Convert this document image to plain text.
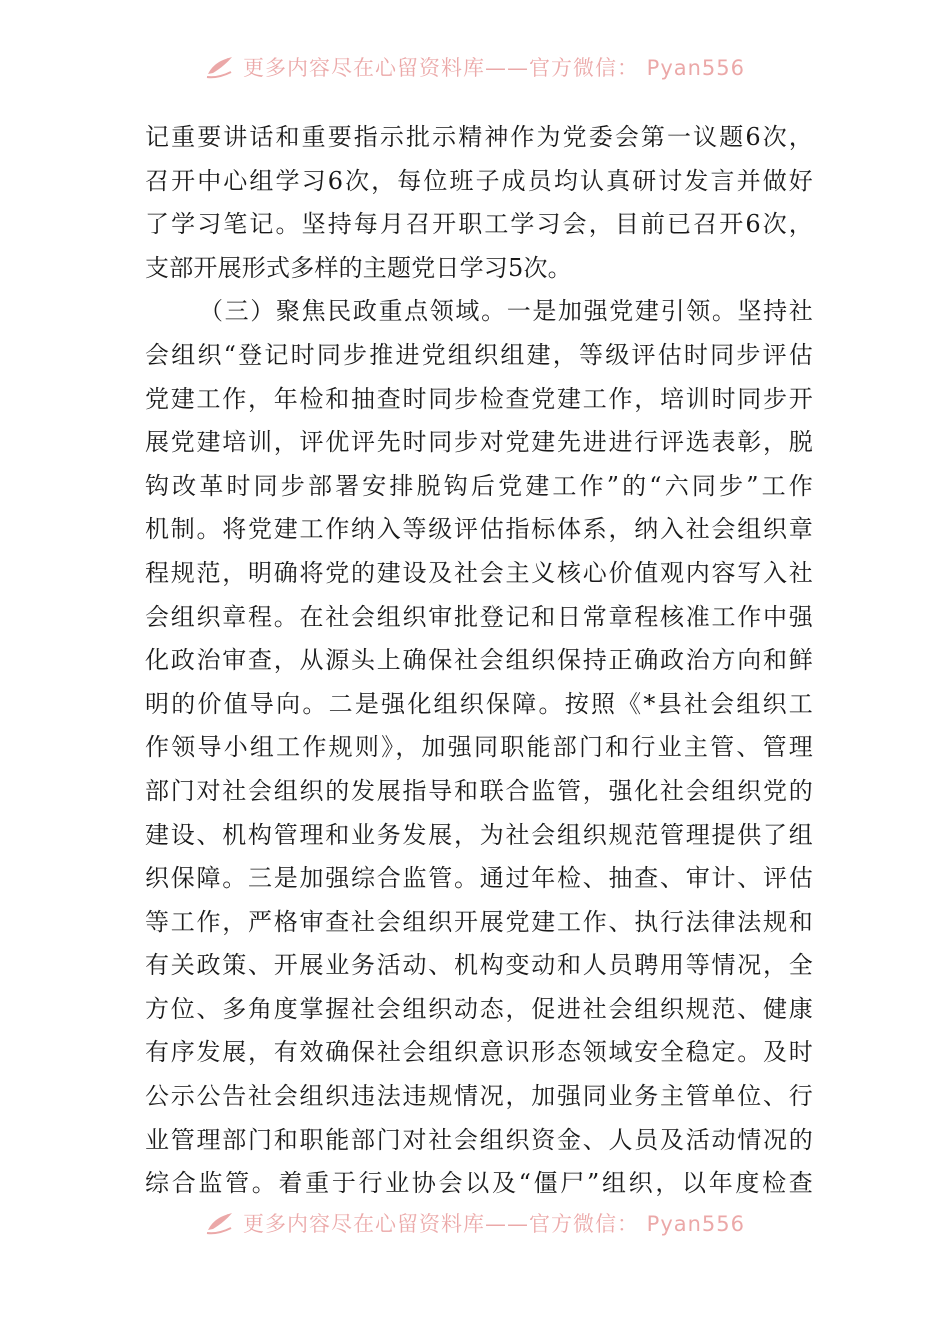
更多内容尽在心留资料库——官方微信： Pyan556
记重要讲话和重要指示批示精神作为党委会第一议题6次，
召开中心组学习6次，每位班子成员均认真研讨发言并做好
了学习笔记。坚持每月召开职工学习会，目前已召开6次，
支部开展形式多样的主题党日学习5次。
（三）聚焦民政重点领域。一是加强党建引领。坚持社
会组织“登记时同步推进党组织组建，等级评估时同步评估
党建工作，年检和抽查时同步检查党建工作，培训时同步开
展党建培训，评优评先时同步对党建先进进行评选表彰，脱
钩改革时同步部署安排脱钩后党建工作”的“六同步”工作
机制。将党建工作纳入等级评估指标体系，纳入社会组织章
程规范，明确将党的建设及社会主义核心价值观内容写入社
会组织章程。在社会组织审批登记和日常章程核准工作中强
化政治审查，从源头上确保社会组织保持正确政治方向和鲜
明的价值导向。二是强化组织保障。按照《*县社会组织工
作领导小组工作规则》，加强同职能部门和行业主管、管理
部门对社会组织的发展指导和联合监管，强化社会组织党的
建设、机构管理和业务发展，为社会组织规范管理提供了组
织保障。三是加强综合监管。通过年检、抽查、审计、评估
等工作，严格审查社会组织开展党建工作、执行法律法规和
有关政策、开展业务活动、机构变动和人员聘用等情况，全
方位、多角度掌握社会组织动态，促进社会组织规范、健康
有序发展，有效确保社会组织意识形态领域安全稳定。及时
公示公告社会组织违法违规情况，加强同业务主管单位、行
业管理部门和职能部门对社会组织资金、人员及活动情况的
综合监管。着重于行业协会以及“僵尸”组织，以年度检查
更多内容尽在心留资料库——官方微信： Pyan556
